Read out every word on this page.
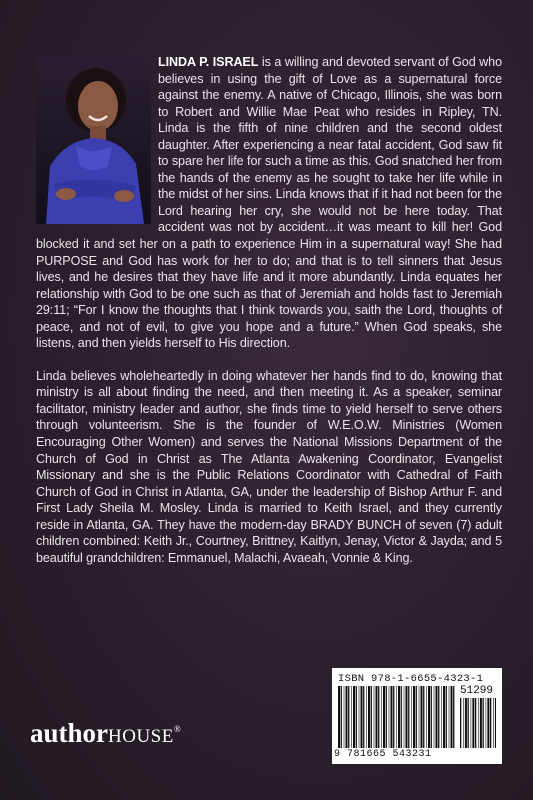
LINDA P. ISRAEL is a willing and devoted servant of God who believes in using the gift of Love as a supernatural force against the enemy. A native of Chicago, Illinois, she was born to Robert and Willie Mae Peat who resides in Ripley, TN. Linda is the fifth of nine children and the second oldest daughter. After experiencing a near fatal accident, God saw fit to spare her life for such a time as this. God snatched her from the hands of the enemy as he sought to take her life while in the midst of her sins. Linda knows that if it had not been for the Lord hearing her cry, she would not be here today. That accident was not by accident…it was meant to kill her! God blocked it and set her on a path to experience Him in a supernatural way! She had PURPOSE and God has work for her to do; and that is to tell sinners that Jesus lives, and he desires that they have life and it more abundantly. Linda equates her relationship with God to be one such as that of Jeremiah and holds fast to Jeremiah 29:11; “For I know the thoughts that I think towards you, saith the Lord, thoughts of peace, and not of evil, to give you hope and a future.” When God speaks, she listens, and then yields herself to His direction.

Linda believes wholeheartedly in doing whatever her hands find to do, knowing that ministry is all about finding the need, and then meeting it. As a speaker, seminar facilitator, ministry leader and author, she finds time to yield herself to serve others through volunteerism. She is the founder of W.E.O.W. Ministries (Women Encouraging Other Women) and serves the National Missions Department of the Church of God in Christ as The Atlanta Awakening Coordinator, Evangelist Missionary and she is the Public Relations Coordinator with Cathedral of Faith Church of God in Christ in Atlanta, GA, under the leadership of Bishop Arthur F. and First Lady Sheila M. Mosley. Linda is married to Keith Israel, and they currently reside in Atlanta, GA. They have the modern-day BRADY BUNCH of seven (7) adult children combined: Keith Jr., Courtney, Brittney, Kaitlyn, Jenay, Victor & Jayda; and 5 beautiful grandchildren: Emmanuel, Malachi, Avaeah, Vonnie & King.

authorHOUSE®
ISBN 978-1-6655-4323-1
51299
9 781665 543231
